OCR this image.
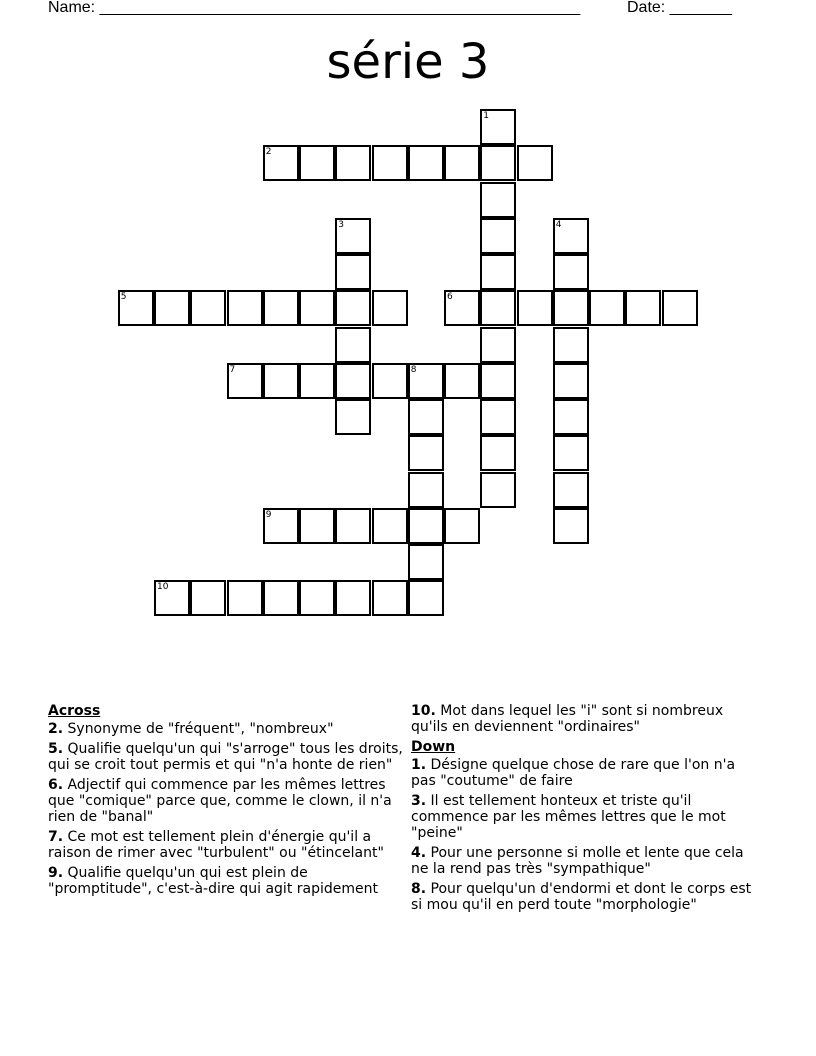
Name: ______________________________________________________	Date: _______
série 3
1
2
3	4
5	6
7	8
9
10
Across
2. Synonyme de "fréquent", "nombreux"
5. Qualifie quelqu'un qui "s'arroge" tous les droits, qui se croit tout permis et qui "n'a honte de rien"
6. Adjectif qui commence par les mêmes lettres que "comique" parce que, comme le clown, il n'a rien de "banal"
7. Ce mot est tellement plein d'énergie qu'il a raison de rimer avec "turbulent" ou "étincelant"
9. Qualifie quelqu'un qui est plein de "promptitude", c'est-à-dire qui agit rapidement
10. Mot dans lequel les "i" sont si nombreux qu'ils en deviennent "ordinaires"
Down
1. Désigne quelque chose de rare que l'on n'a pas "coutume" de faire
3. Il est tellement honteux et triste qu'il commence par les mêmes lettres que le mot "peine"
4. Pour une personne si molle et lente que cela ne la rend pas très "sympathique"
8. Pour quelqu'un d'endormi et dont le corps est si mou qu'il en perd toute "morphologie"
